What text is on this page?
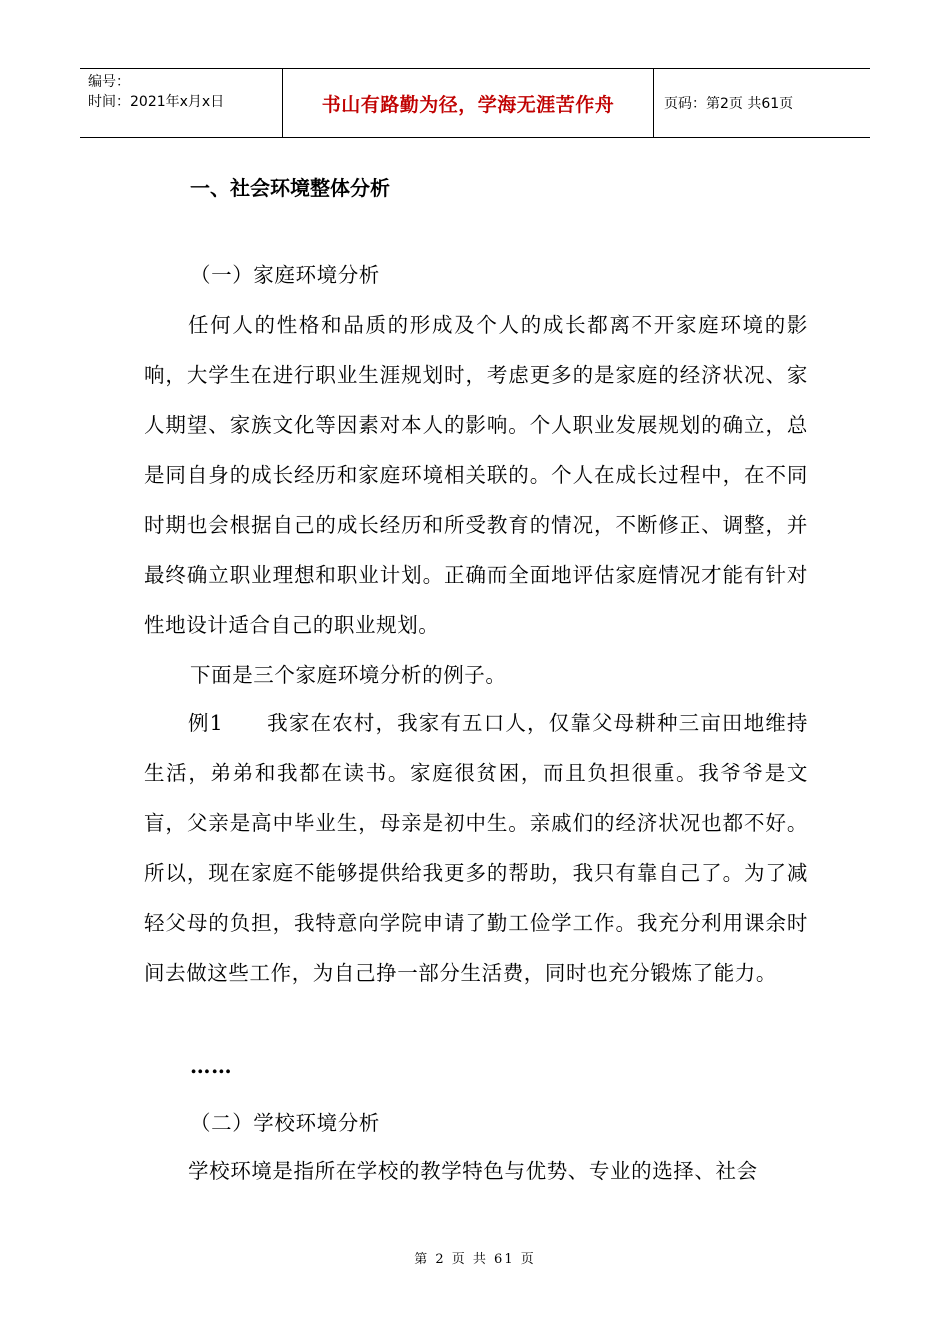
编号：
时间：2021年x月x日	书山有路勤为径，学海无涯苦作舟	页码：第2页 共61页
一、社会环境整体分析
（一）家庭环境分析
任何人的性格和品质的形成及个人的成长都离不开家庭环境的影响，大学生在进行职业生涯规划时，考虑更多的是家庭的经济状况、家人期望、家族文化等因素对本人的影响。个人职业发展规划的确立，总是同自身的成长经历和家庭环境相关联的。个人在成长过程中，在不同时期也会根据自己的成长经历和所受教育的情况，不断修正、调整，并最终确立职业理想和职业计划。正确而全面地评估家庭情况才能有针对性地设计适合自己的职业规划。
下面是三个家庭环境分析的例子。
例1　　我家在农村，我家有五口人，仅靠父母耕种三亩田地维持生活，弟弟和我都在读书。家庭很贫困，而且负担很重。我爷爷是文盲，父亲是高中毕业生，母亲是初中生。亲戚们的经济状况也都不好。所以，现在家庭不能够提供给我更多的帮助，我只有靠自己了。为了减轻父母的负担，我特意向学院申请了勤工俭学工作。我充分利用课余时间去做这些工作，为自己挣一部分生活费，同时也充分锻炼了能力。
……
（二）学校环境分析
学校环境是指所在学校的教学特色与优势、专业的选择、社会
第 2 页 共 61 页
